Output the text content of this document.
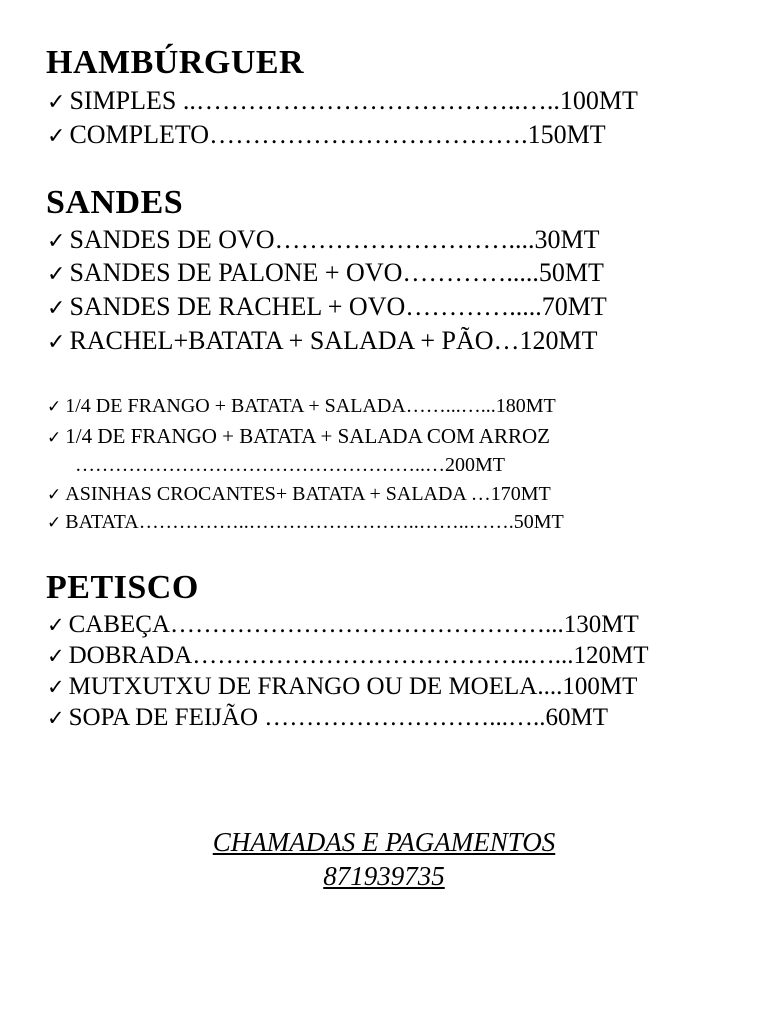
HAMBÚRGUER
✓ SIMPLES ..………………………………..…..100MT
✓ COMPLETO……………………………….150MT
SANDES
✓ SANDES DE OVO………………………....30MT
✓ SANDES DE PALONE + OVO………….....50MT
✓ SANDES DE RACHEL + OVO………….....70MT
✓ RACHEL+BATATA + SALADA + PÃO…120MT
✓ 1/4 DE FRANGO + BATATA + SALADA……...…...180MT
✓ 1/4 DE FRANGO + BATATA + SALADA COM ARROZ
……………………………………………..…200MT
✓ ASINHAS CROCANTES+ BATATA + SALADA …170MT
✓ BATATA……………..……………………..……..…….50MT
PETISCO
✓ CABEÇA………………………………………...130MT
✓ DOBRADA…………………………………..…...120MT
✓ MUTXUTXU DE FRANGO OU DE MOELA....100MT
✓ SOPA DE FEIJÃO ………………………...…..60MT
CHAMADAS E PAGAMENTOS
871939735
